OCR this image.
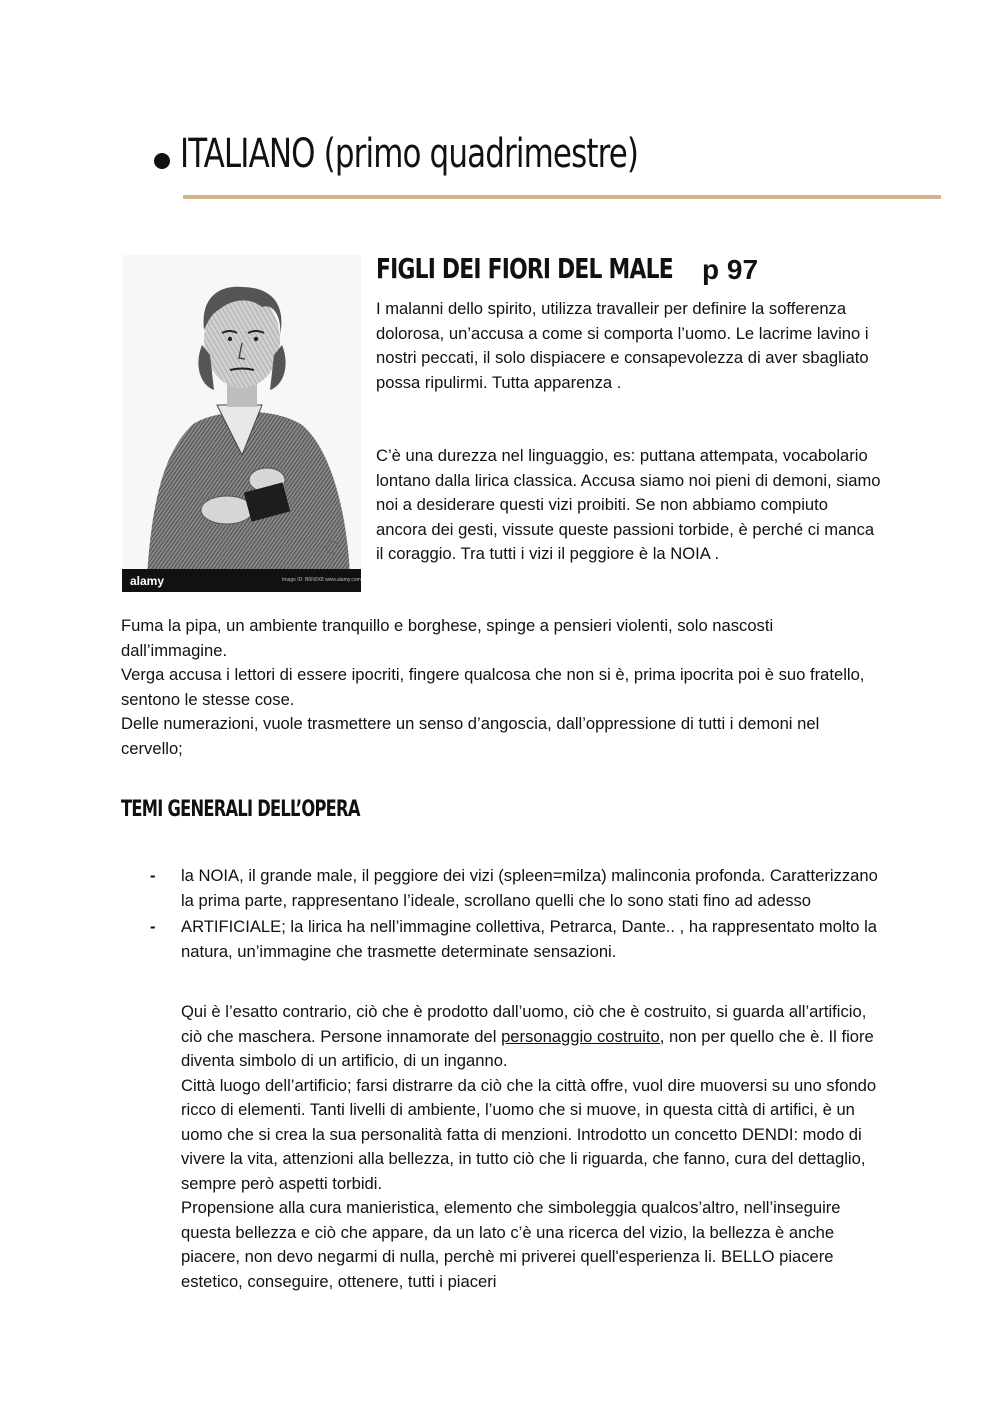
ITALIANO (primo quadrimestre)
alamy	Image ID: B6N0X8 www.alamy.com
FIGLI DEI FIORI DEL MALE p 97

I malanni dello spirito, utilizza travalleir per definire la sofferenza dolorosa, un’accusa a come si comporta l’uomo. Le lacrime lavino i nostri peccati, il solo dispiacere e consapevolezza di aver sbagliato possa ripulirmi. Tutta apparenza .

C’è una durezza nel linguaggio, es: puttana attempata, vocabolario lontano dalla lirica classica. Accusa siamo noi pieni di demoni, siamo noi a desiderare questi vizi proibiti. Se non abbiamo compiuto ancora dei gesti, vissute queste passioni torbide, è perché ci manca il coraggio. Tra tutti i vizi il peggiore è la NOIA .

Fuma la pipa, un ambiente tranquillo e borghese, spinge a pensieri violenti, solo nascosti dall’immagine.
Verga accusa i lettori di essere ipocriti, fingere qualcosa che non si è, prima ipocrita poi è suo fratello, sentono le stesse cose.
Delle numerazioni, vuole trasmettere un senso d’angoscia, dall’oppressione di tutti i demoni nel cervello;

TEMI GENERALI DELL’OPERA
- la NOIA, il grande male, il peggiore dei vizi (spleen=milza) malinconia profonda. Caratterizzano la prima parte, rappresentano l’ideale, scrollano quelli che lo sono stati fino ad adesso
- ARTIFICIALE; la lirica ha nell’immagine collettiva, Petrarca, Dante.. , ha rappresentato molto la natura, un’immagine che trasmette determinate sensazioni.
Qui è l’esatto contrario, ciò che è prodotto dall’uomo, ciò che è costruito, si guarda all’artificio, ciò che maschera. Persone innamorate del personaggio costruito, non per quello che è. Il fiore diventa simbolo di un artificio, di un inganno.
Città luogo dell’artificio; farsi distrarre da ciò che la città offre, vuol dire muoversi su uno sfondo ricco di elementi. Tanti livelli di ambiente, l’uomo che si muove, in questa città di artifici, è un uomo che si crea la sua personalità fatta di menzioni. Introdotto un concetto DENDI: modo di vivere la vita, attenzioni alla bellezza, in tutto ciò che li riguarda, che fanno, cura del dettaglio, sempre però aspetti torbidi.
Propensione alla cura manieristica, elemento che simboleggia qualcos’altro, nell’inseguire questa bellezza e ciò che appare, da un lato c’è una ricerca del vizio, la bellezza è anche piacere, non devo negarmi di nulla, perchè mi priverei quell'esperienza li. BELLO piacere estetico, conseguire, ottenere, tutti i piaceri
